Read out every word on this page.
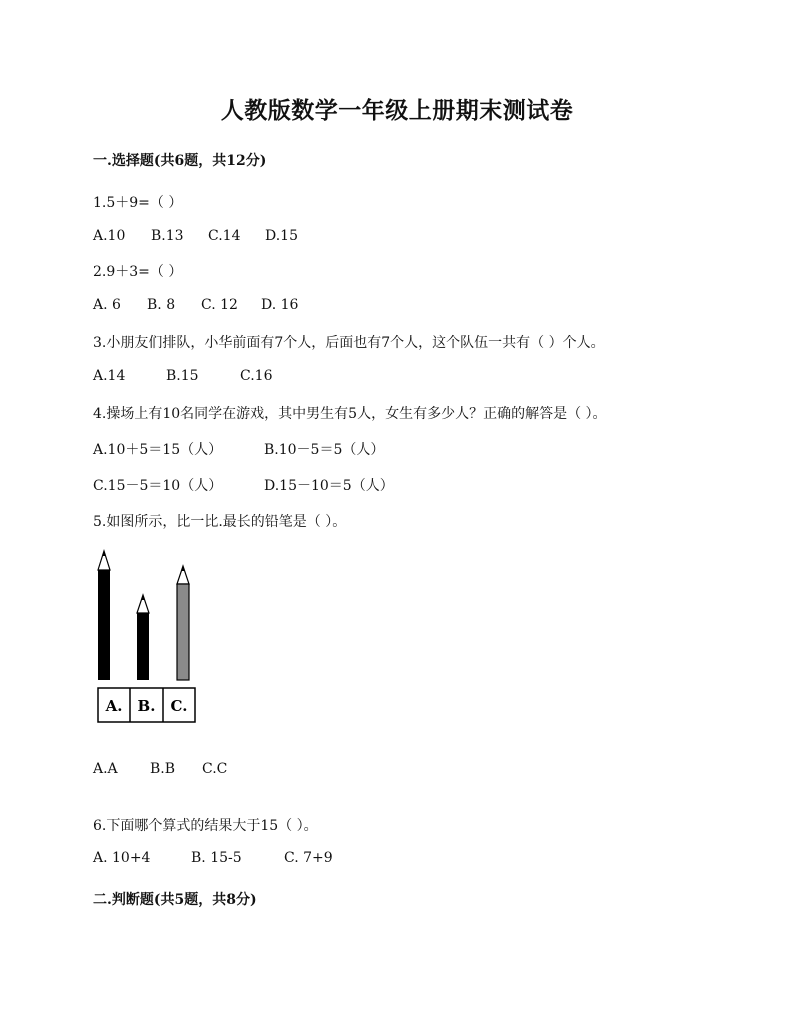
人教版数学一年级上册期末测试卷
一.选择题(共6题，共12分)
1.5＋9=（ ）
A.10 B.13 C.14 D.15
2.9＋3=（ ）
A. 6 B. 8 C. 12 D. 16
3.小朋友们排队，小华前面有7个人，后面也有7个人，这个队伍一共有（ ）个人。
A.14	B.15	C.16
4.操场上有10名同学在游戏，其中男生有5人，女生有多少人？正确的解答是（ ）。
A.10＋5＝15（人）	B.10－5＝5（人）
C.15－5＝10（人）	D.15－10＝5（人）
5.如图所示，比一比.最长的铅笔是（ ）。
A. B. C.
A.A B.B C.C
6.下面哪个算式的结果大于15（ ）。
A. 10+4	B. 15-5	C. 7+9
二.判断题(共5题，共8分)
